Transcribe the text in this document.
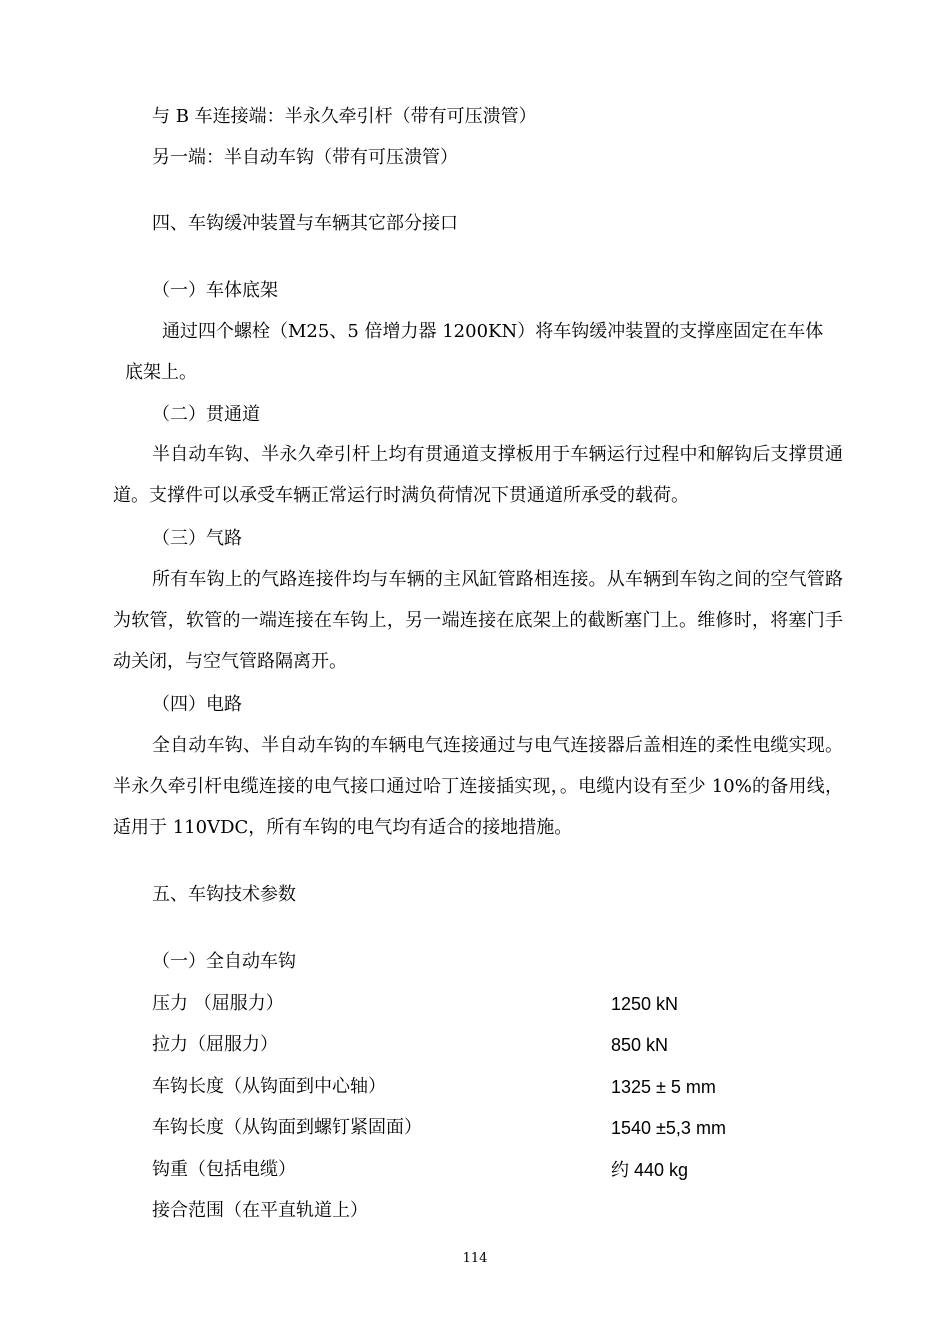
与 B 车连接端：半永久牵引杆（带有可压溃管）
另一端：半自动车钩（带有可压溃管）
四、车钩缓冲装置与车辆其它部分接口
（一）车体底架
通过四个螺栓（M25、5 倍增力器 1200KN）将车钩缓冲装置的支撑座固定在车体
底架上。
（二）贯通道
半自动车钩、半永久牵引杆上均有贯通道支撑板用于车辆运行过程中和解钩后支撑贯通道。支撑件可以承受车辆正常运行时满负荷情况下贯通道所承受的载荷。
（三）气路
所有车钩上的气路连接件均与车辆的主风缸管路相连接。从车辆到车钩之间的空气管路为软管，软管的一端连接在车钩上，另一端连接在底架上的截断塞门上。维修时，将塞门手动关闭，与空气管路隔离开。
（四）电路
全自动车钩、半自动车钩的车辆电气连接通过与电气连接器后盖相连的柔性电缆实现。半永久牵引杆电缆连接的电气接口通过哈丁连接插实现，。电缆内设有至少 10%的备用线，适用于 110VDC，所有车钩的电气均有适合的接地措施。
五、车钩技术参数
（一）全自动车钩
压力 （屈服力）	1250 kN
拉力（屈服力）	850 kN
车钩长度（从钩面到中心轴）	1325 ± 5 mm
车钩长度（从钩面到螺钉紧固面）	1540 ±5,3 mm
钩重（包括电缆）	约 440 kg
接合范围（在平直轨道上）
114
